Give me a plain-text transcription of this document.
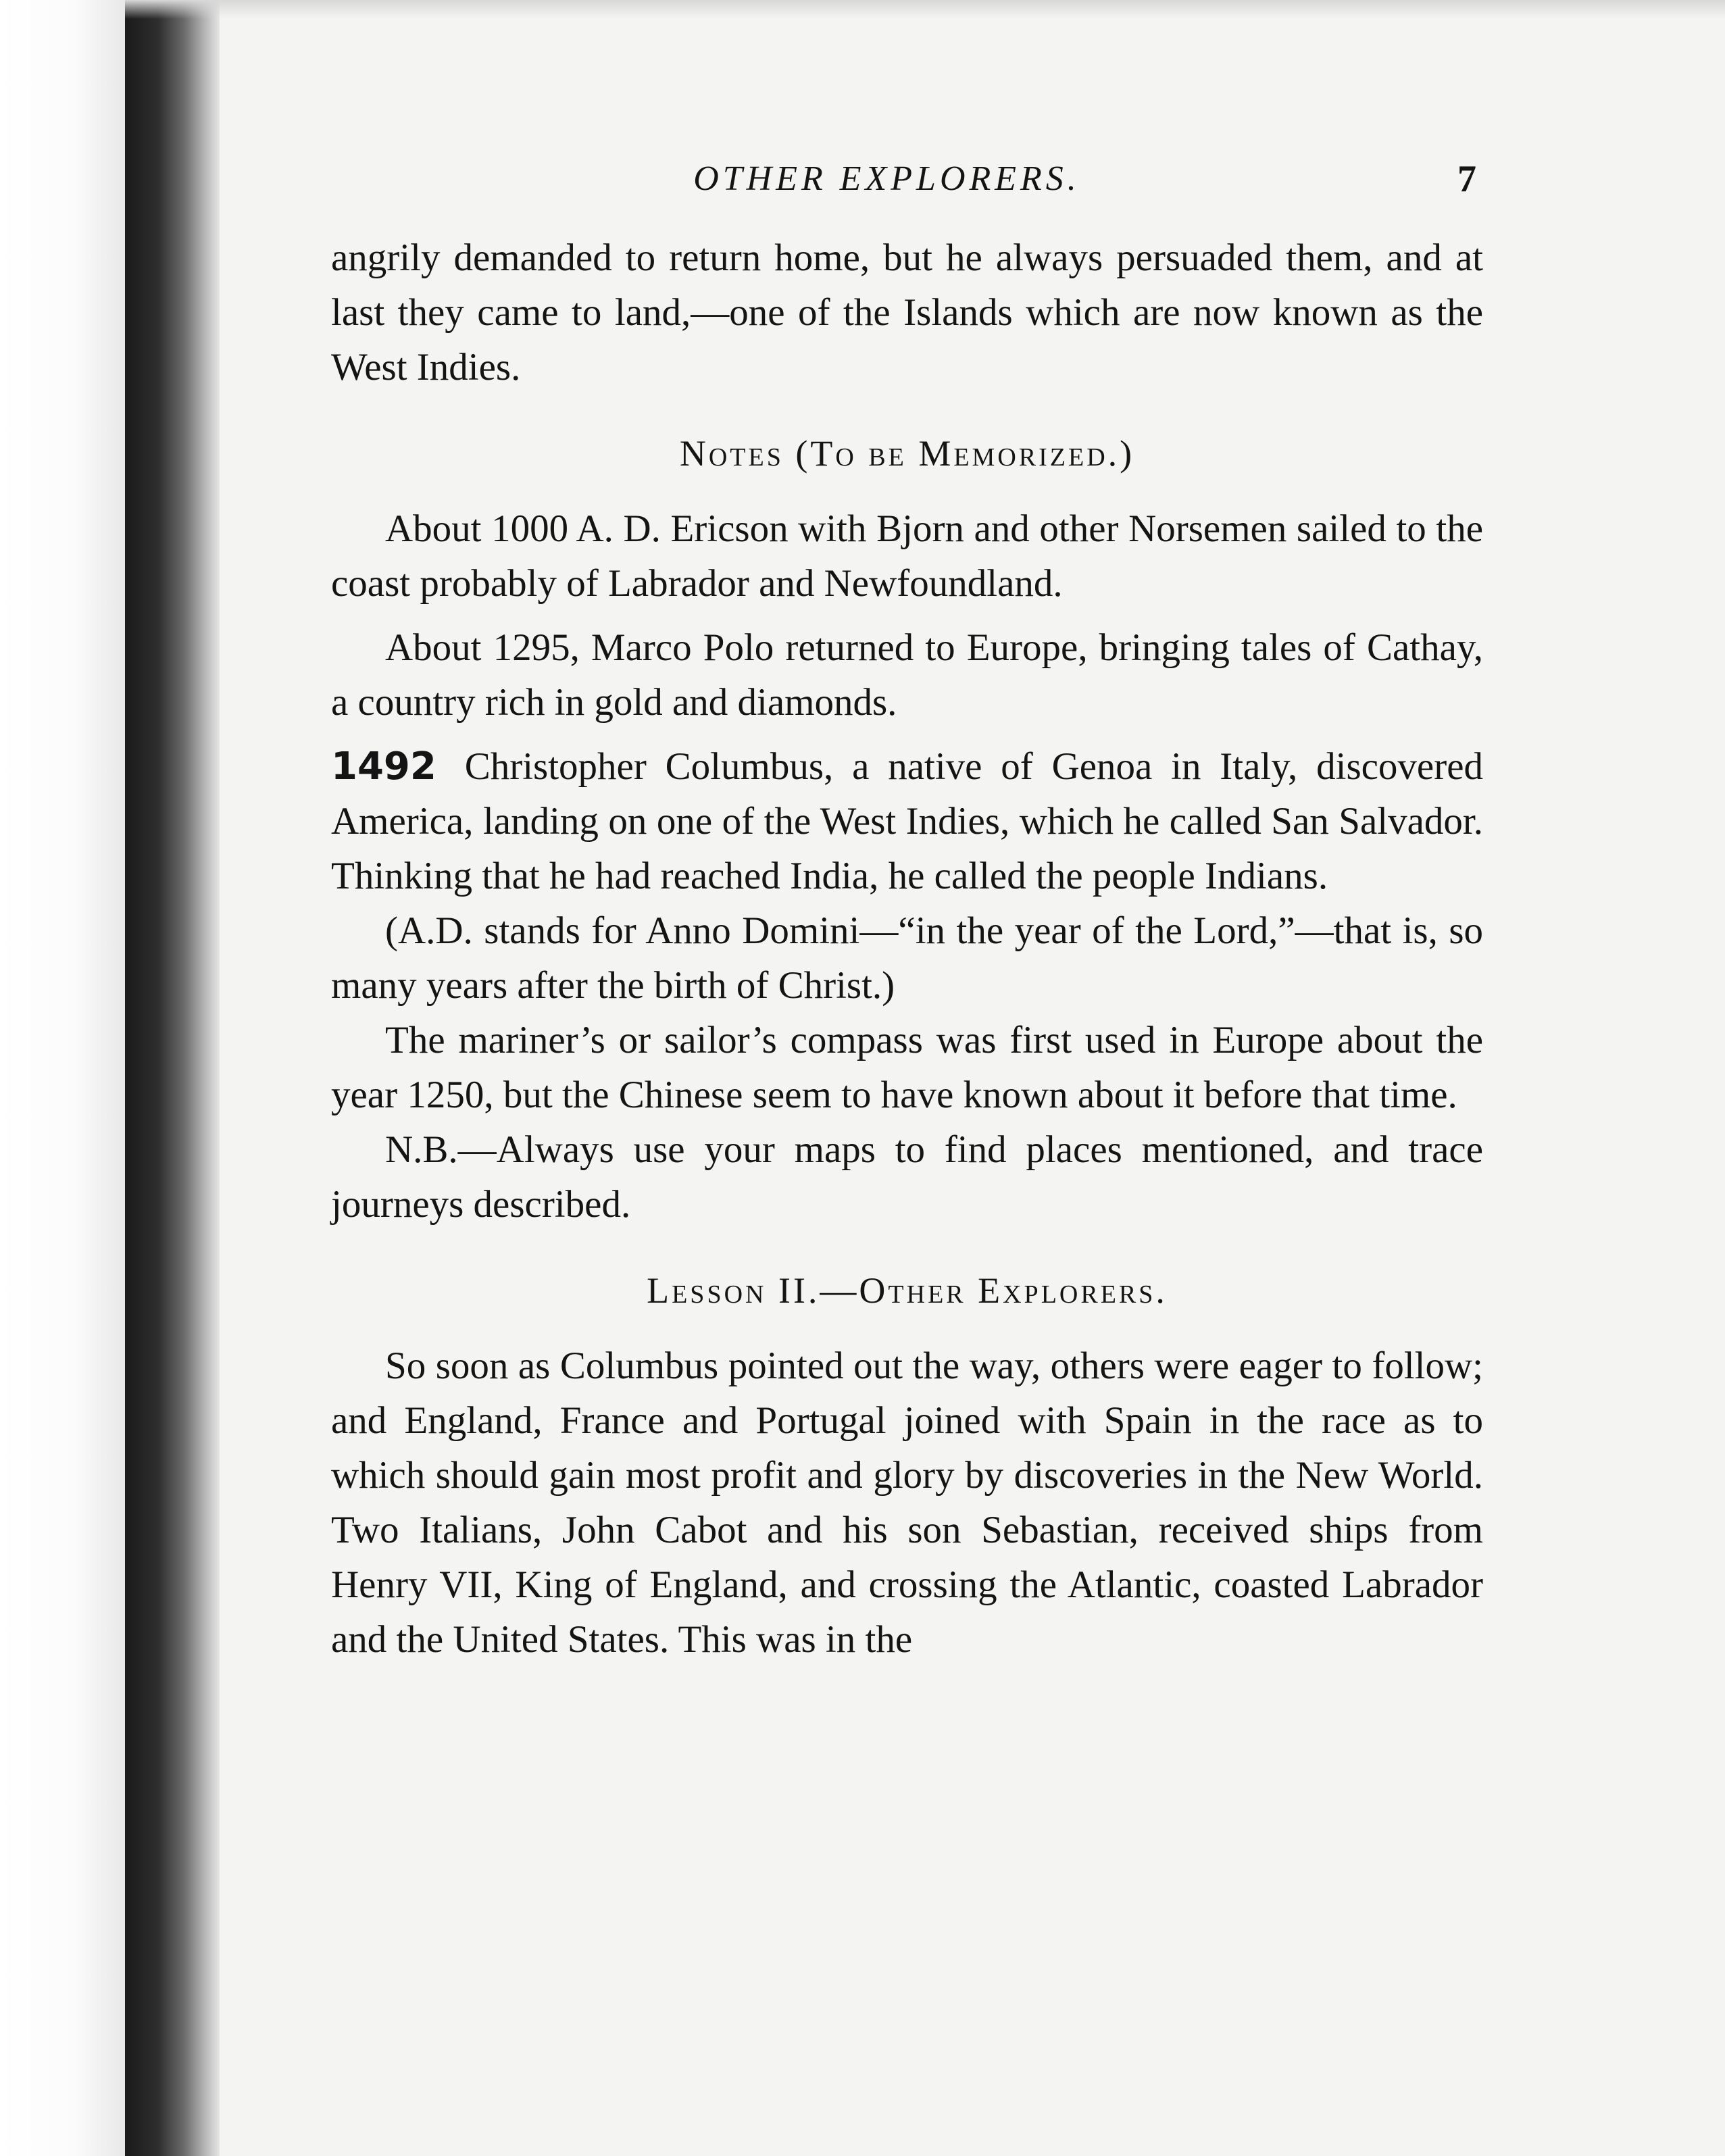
OTHER EXPLORERS.	7

angrily demanded to return home, but he always persuaded them, and at last they came to land,—one of the Islands which are now known as the West Indies.

Notes (To be Memorized.)

About 1000 A. D. Ericson with Bjorn and other Norsemen sailed to the coast probably of Labrador and Newfoundland.

About 1295, Marco Polo returned to Europe, bringing tales of Cathay, a country rich in gold and diamonds.

1492 Christopher Columbus, a native of Genoa in Italy, discovered America, landing on one of the West Indies, which he called San Salvador. Thinking that he had reached India, he called the people Indians.

(A.D. stands for Anno Domini—“in the year of the Lord,”—that is, so many years after the birth of Christ.)

The mariner’s or sailor’s compass was first used in Europe about the year 1250, but the Chinese seem to have known about it before that time.

N.B.—Always use your maps to find places mentioned, and trace journeys described.

Lesson II.—Other Explorers.

So soon as Columbus pointed out the way, others were eager to follow; and England, France and Portugal joined with Spain in the race as to which should gain most profit and glory by discoveries in the New World. Two Italians, John Cabot and his son Sebastian, received ships from Henry VII, King of England, and crossing the Atlantic, coasted Labrador and the United States. This was in the
